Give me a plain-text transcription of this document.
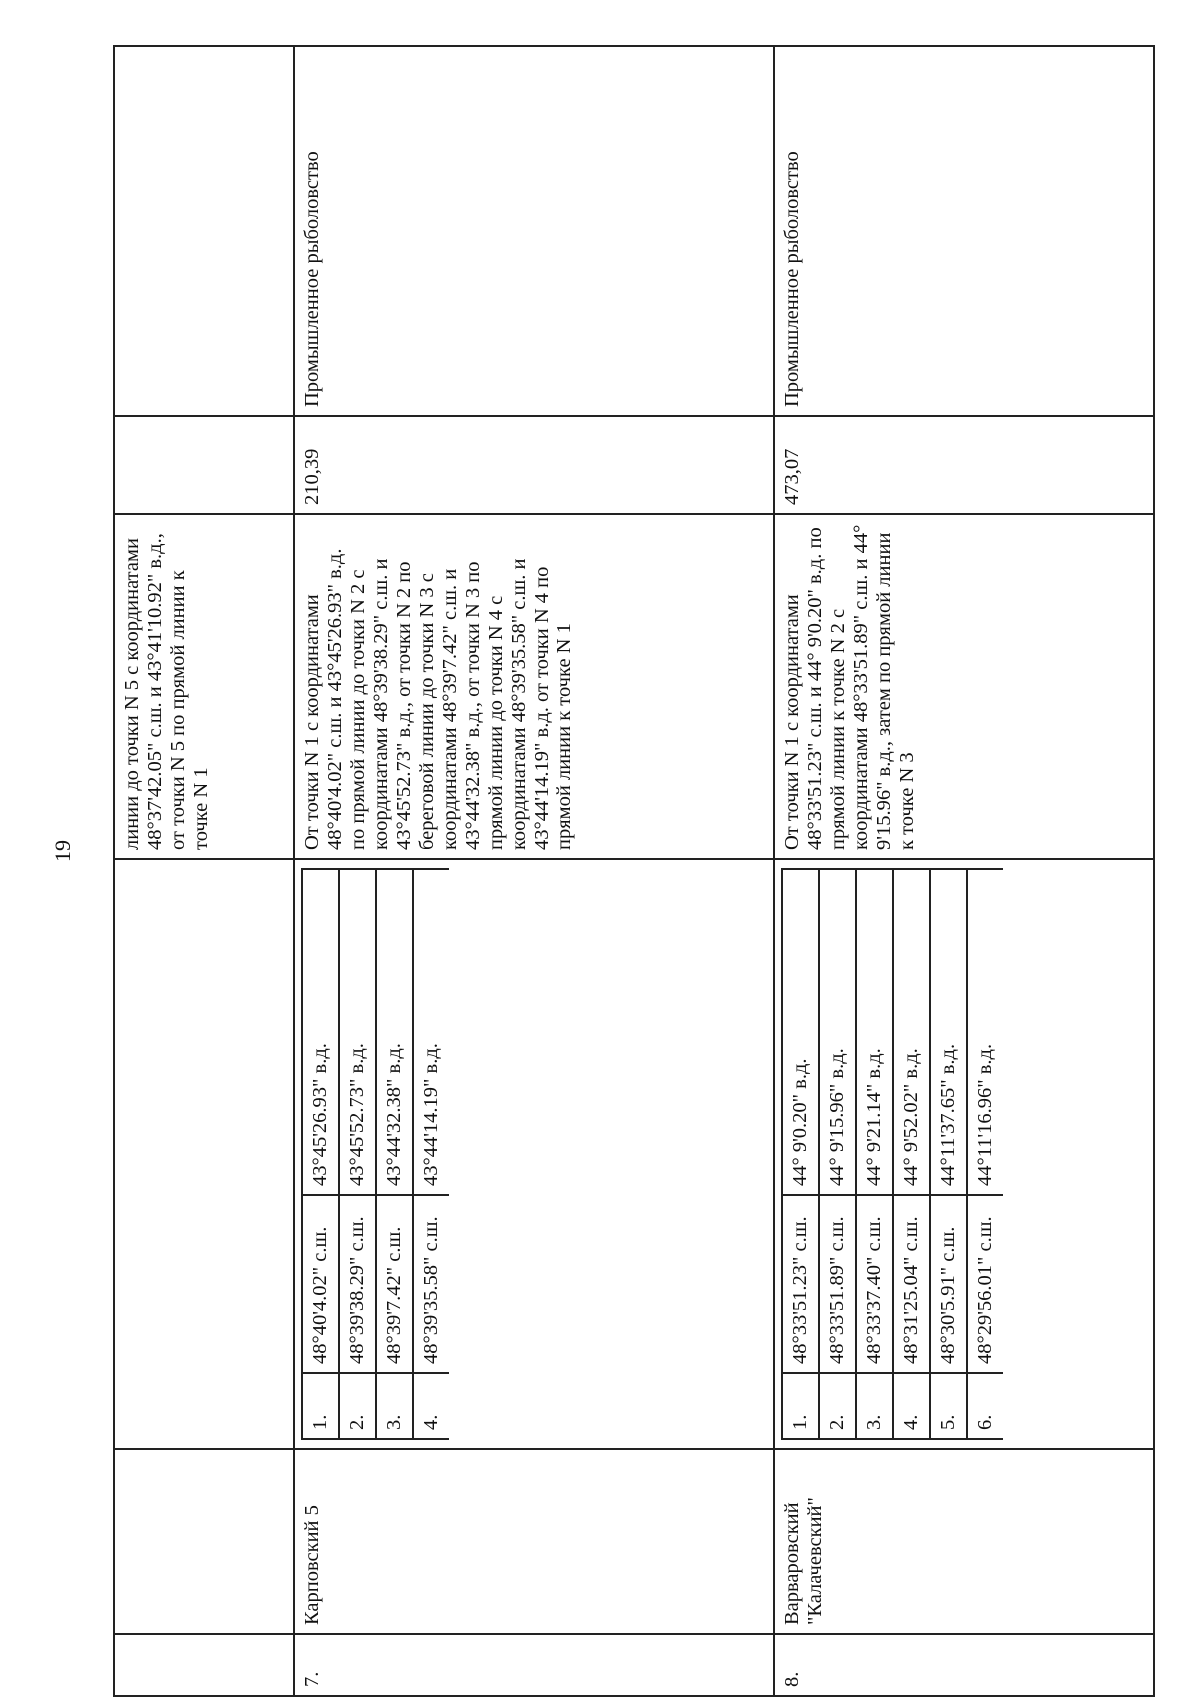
19
			линии до точки N 5 с координатами 48°37'42.05" с.ш. и 43°41'10.92" в.д., от точки N 5 по прямой линии к точке N 1		
7.	Карповский 5	
1.	48°40'4.02" с.ш.	43°45'26.93" в.д.
2.	48°39'38.29" с.ш.	43°45'52.73" в.д.
3.	48°39'7.42" с.ш.	43°44'32.38" в.д.
4.	48°39'35.58" с.ш.	43°44'14.19" в.д.
	От точки N 1 с координатами 48°40'4.02" с.ш. и 43°45'26.93" в.д. по прямой линии до точки N 2 с координатами 48°39'38.29" с.ш. и 43°45'52.73" в.д., от точки N 2 по береговой линии до точки N 3 с координатами 48°39'7.42" с.ш. и 43°44'32.38" в.д., от точки N 3 по прямой линии до точки N 4 с координатами 48°39'35.58" с.ш. и 43°44'14.19" в.д. от точки N 4 по прямой линии к точке N 1	210,39	Промышленное рыболовство
8.	Варваровский "Калачевский"	
1.	48°33'51.23" с.ш.	44° 9'0.20" в.д.
2.	48°33'51.89" с.ш.	44° 9'15.96" в.д.
3.	48°33'37.40" с.ш.	44° 9'21.14" в.д.
4.	48°31'25.04" с.ш.	44° 9'52.02" в.д.
5.	48°30'5.91" с.ш.	44°11'37.65" в.д.
6.	48°29'56.01" с.ш.	44°11'16.96" в.д.
	От точки N 1 с координатами 48°33'51.23" с.ш. и 44° 9'0.20" в.д. по прямой линии к точке N 2 с координатами 48°33'51.89" с.ш. и 44° 9'15.96" в.д., затем по прямой линии к точке N 3	473,07	Промышленное рыболовство
